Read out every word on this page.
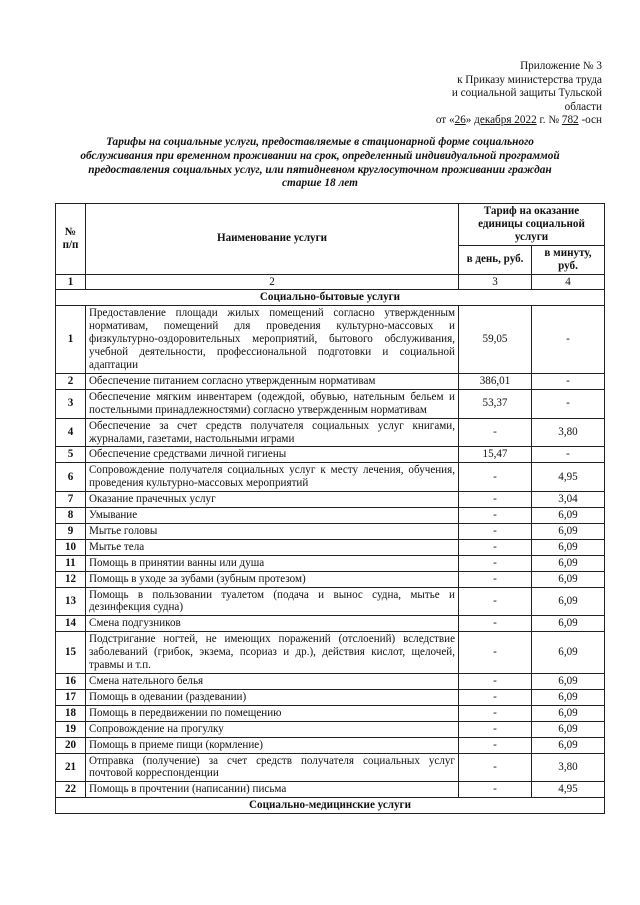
Приложение № 3
к Приказу министерства труда
и социальной защиты Тульской
области
от «26» декабря 2022 г. № 782 -осн
Тарифы на социальные услуги, предоставляемые в стационарной форме социального обслуживания при временном проживании на срок, определенный индивидуальной программой предоставления социальных услуг, или пятидневном круглосуточном проживании граждан старше 18 лет
№ п/п	Наименование услуги	Тариф на оказание единицы социальной услуги	
		в день, руб.	в минуту, руб.
1	2	3	4
Социально-бытовые услуги			
1	Предоставление площади жилых помещений согласно утвержденным нормативам, помещений для проведения культурно-массовых и физкультурно-оздоровительных мероприятий, бытового обслуживания, учебной деятельности, профессиональной подготовки и социальной адаптации	59,05	-
2	Обеспечение питанием согласно утвержденным нормативам	386,01	-
3	Обеспечение мягким инвентарем (одеждой, обувью, нательным бельем и постельными принадлежностями) согласно утвержденным нормативам	53,37	-
4	Обеспечение за счет средств получателя социальных услуг книгами, журналами, газетами, настольными играми	-	3,80
5	Обеспечение средствами личной гигиены	15,47	-
6	Сопровождение получателя социальных услуг к месту лечения, обучения, проведения культурно-массовых мероприятий	-	4,95
7	Оказание прачечных услуг	-	3,04
8	Умывание	-	6,09
9	Мытье головы	-	6,09
10	Мытье тела	-	6,09
11	Помощь в принятии ванны или душа	-	6,09
12	Помощь в уходе за зубами (зубным протезом)	-	6,09
13	Помощь в пользовании туалетом (подача и вынос судна, мытье и дезинфекция судна)	-	6,09
14	Смена подгузников	-	6,09
15	Подстригание ногтей, не имеющих поражений (отслоений) вследствие заболеваний (грибок, экзема, псориаз и др.), действия кислот, щелочей, травмы и т.п.	-	6,09
16	Смена нательного белья	-	6,09
17	Помощь в одевании (раздевании)	-	6,09
18	Помощь в передвижении по помещению	-	6,09
19	Сопровождение на прогулку	-	6,09
20	Помощь в приеме пищи (кормление)	-	6,09
21	Отправка (получение) за счет средств получателя социальных услуг почтовой корреспонденции	-	3,80
22	Помощь в прочтении (написании) письма	-	4,95
Социально-медицинские услуги			
